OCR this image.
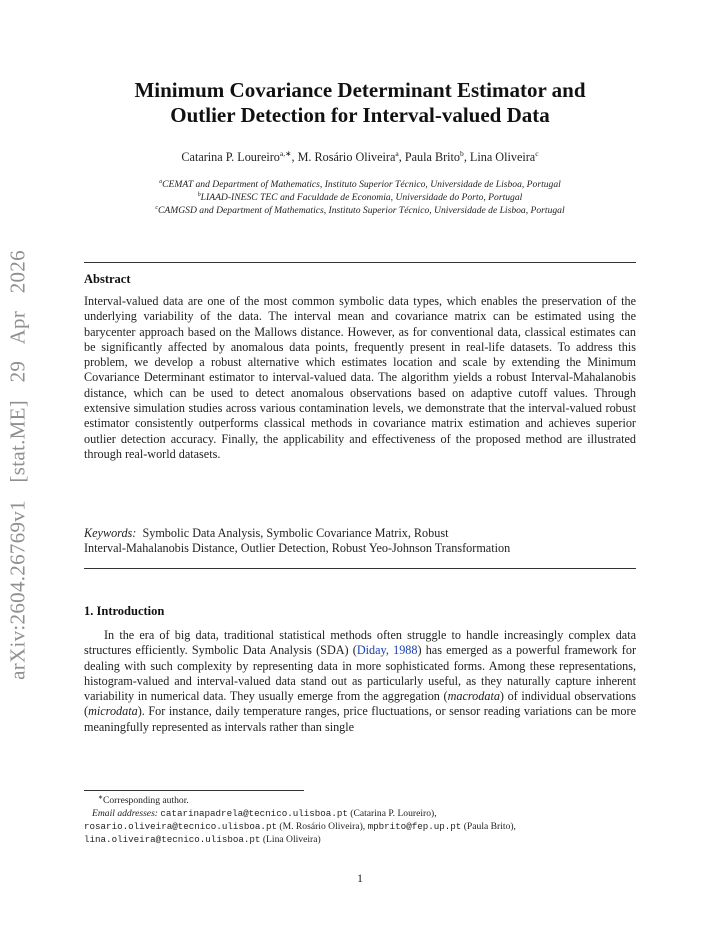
arXiv:2604.26769v1 [stat.ME] 29 Apr 2026
Minimum Covariance Determinant Estimator and
Outlier Detection for Interval-valued Data
Catarina P. Loureiro$^{a,∗}$, M. Rosário Oliveira$^a$, Paula Brito$^b$, Lina Oliveira$^c$
$^a$CEMAT and Department of Mathematics, Instituto Superior Técnico, Universidade de Lisboa, Portugal
$^b$LIAAD-INESC TEC and Faculdade de Economia, Universidade do Porto, Portugal
$^c$CAMGSD and Department of Mathematics, Instituto Superior Técnico, Universidade de Lisboa, Portugal
Abstract
Interval-valued data are one of the most common symbolic data types, which enables the preservation of the underlying variability of the data. The interval mean and covariance matrix can be estimated using the barycenter approach based on the Mallows distance. However, as for conventional data, classical estimates can be significantly affected by anomalous data points, frequently present in real-life datasets. To address this problem, we develop a robust alternative which estimates location and scale by extending the Minimum Covariance Determinant estimator to interval-valued data. The algorithm yields a robust Interval-Mahalanobis distance, which can be used to detect anomalous observations based on adaptive cutoff values. Through extensive simulation studies across various contamination levels, we demonstrate that the interval-valued robust estimator consistently outperforms classical methods in covariance matrix estimation and achieves superior outlier detection accuracy. Finally, the applicability and effectiveness of the proposed method are illustrated through real-world datasets.
Keywords: Symbolic Data Analysis, Symbolic Covariance Matrix, Robust
Interval-Mahalanobis Distance, Outlier Detection, Robust Yeo-Johnson Transformation
1. Introduction
In the era of big data, traditional statistical methods often struggle to handle increasingly complex data structures efficiently. Symbolic Data Analysis (SDA) (Diday, 1988) has emerged as a powerful framework for dealing with such complexity by representing data in more sophisticated forms. Among these representations, histogram-valued and interval-valued data stand out as particularly useful, as they naturally capture inherent variability in numerical data. They usually emerge from the aggregation (macrodata) of individual observations (microdata). For instance, daily temperature ranges, price fluctuations, or sensor reading variations can be more meaningfully represented as intervals rather than single
∗Corresponding author.
Email addresses: catarinapadrela@tecnico.ulisboa.pt (Catarina P. Loureiro),
rosario.oliveira@tecnico.ulisboa.pt (M. Rosário Oliveira), mpbrito@fep.up.pt (Paula Brito),
lina.oliveira@tecnico.ulisboa.pt (Lina Oliveira)
1
